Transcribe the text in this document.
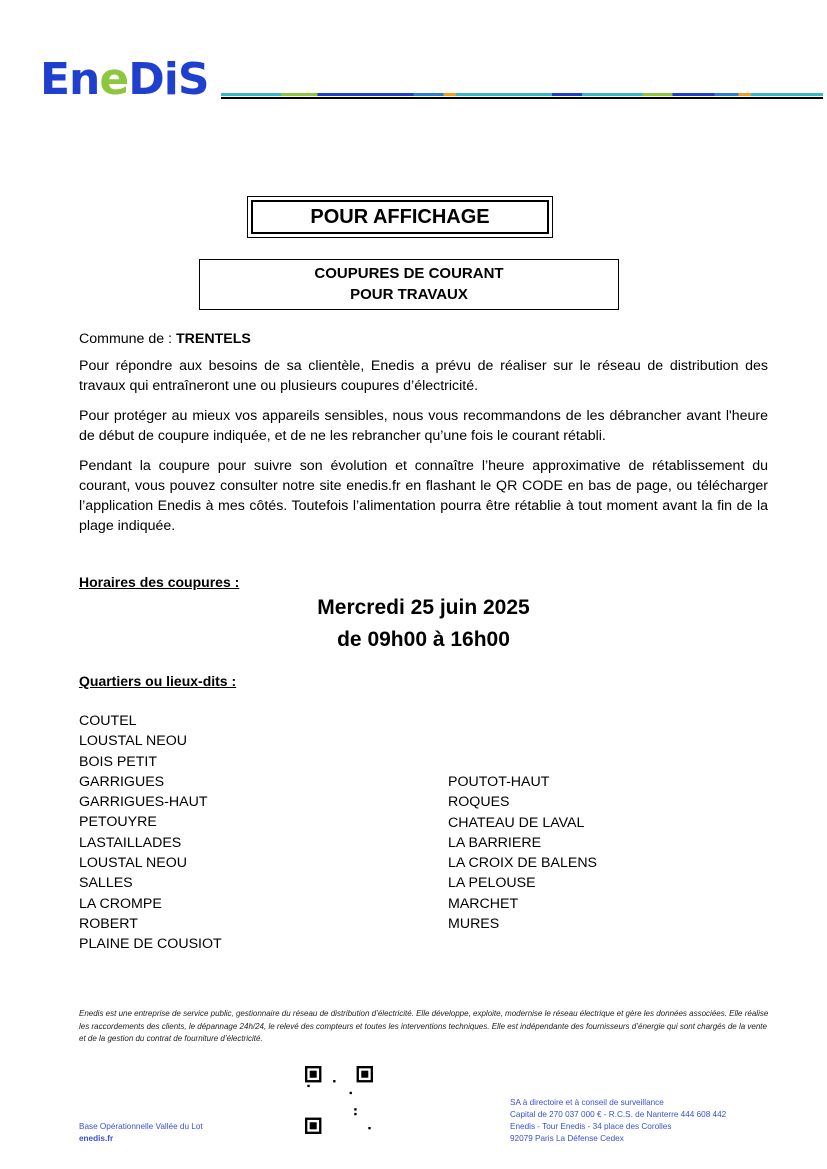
EneDiS
POUR AFFICHAGE
COUPURES DE COURANT
POUR TRAVAUX
Commune de : TRENTELS
Pour répondre aux besoins de sa clientèle, Enedis a prévu de réaliser sur le réseau de distribution des travaux qui entraîneront une ou plusieurs coupures d’électricité.
Pour protéger au mieux vos appareils sensibles, nous vous recommandons de les débrancher avant l'heure de début de coupure indiquée, et de ne les rebrancher qu’une fois le courant rétabli.
Pendant la coupure pour suivre son évolution et connaître l’heure approximative de rétablissement du courant, vous pouvez consulter notre site enedis.fr en flashant le QR CODE en bas de page, ou télécharger l’application Enedis à mes côtés. Toutefois l’alimentation pourra être rétablie à tout moment avant la fin de la plage indiquée.
Horaires des coupures :
Mercredi 25 juin 2025
de 09h00 à 16h00
Quartiers ou lieux-dits :
COUTEL
LOUSTAL NEOU
BOIS PETIT
GARRIGUES
GARRIGUES-HAUT
PETOUYRE
LASTAILLADES
LOUSTAL NEOU
SALLES
LA CROMPE
ROBERT
PLAINE DE COUSIOT
POUTOT-HAUT
ROQUES
CHATEAU DE LAVAL
LA BARRIERE
LA CROIX DE BALENS
LA PELOUSE
MARCHET
MURES
Enedis est une entreprise de service public, gestionnaire du réseau de distribution d’électricité. Elle développe, exploite, modernise le réseau électrique et gère les données associées. Elle réalise les raccordements des clients, le dépannage 24h/24, le relevé des compteurs et toutes les interventions techniques. Elle est indépendante des fournisseurs d’énergie qui sont chargés de la vente et de la gestion du contrat de fourniture d’électricité.
Base Opérationnelle Vallée du Lot
enedis.fr
SA à directoire et à conseil de surveillance
Capital de 270 037 000 € - R.C.S. de Nanterre 444 608 442
Enedis - Tour Enedis - 34 place des Corolles
92079 Paris La Défense Cedex
